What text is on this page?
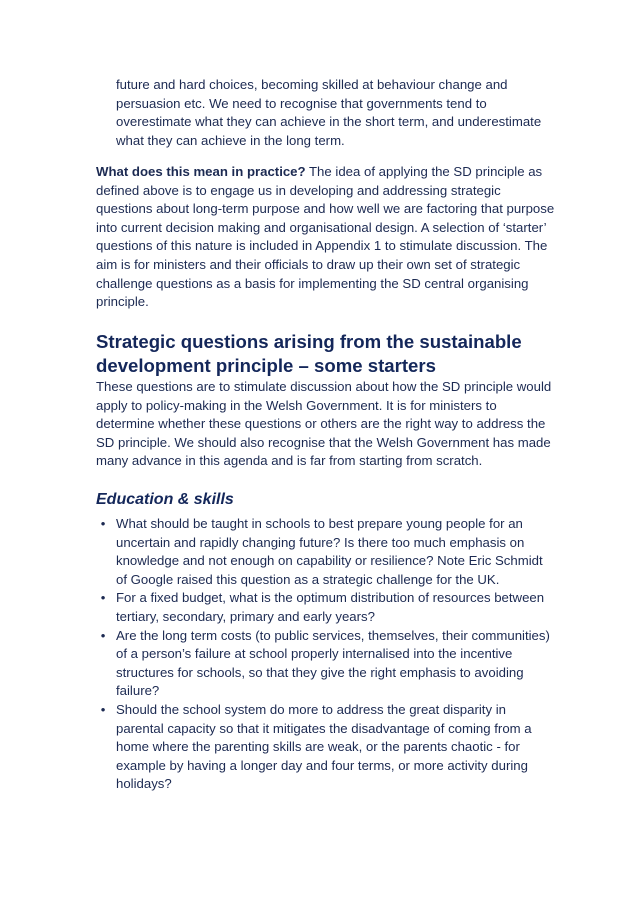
future and hard choices, becoming skilled at behaviour change and persuasion etc. We need to recognise that governments tend to overestimate what they can achieve in the short term, and underestimate what they can achieve in the long term.

What does this mean in practice? The idea of applying the SD principle as defined above is to engage us in developing and addressing strategic questions about long-term purpose and how well we are factoring that purpose into current decision making and organisational design. A selection of ‘starter’ questions of this nature is included in Appendix 1 to stimulate discussion. The aim is for ministers and their officials to draw up their own set of strategic challenge questions as a basis for implementing the SD central organising principle.

Strategic questions arising from the sustainable development principle – some starters

These questions are to stimulate discussion about how the SD principle would apply to policy-making in the Welsh Government. It is for ministers to determine whether these questions or others are the right way to address the SD principle. We should also recognise that the Welsh Government has made many advance in this agenda and is far from starting from scratch.

Education & skills
• What should be taught in schools to best prepare young people for an uncertain and rapidly changing future? Is there too much emphasis on knowledge and not enough on capability or resilience? Note Eric Schmidt of Google raised this question as a strategic challenge for the UK.
• For a fixed budget, what is the optimum distribution of resources between tertiary, secondary, primary and early years?
• Are the long term costs (to public services, themselves, their communities) of a person’s failure at school properly internalised into the incentive structures for schools, so that they give the right emphasis to avoiding failure?
• Should the school system do more to address the great disparity in parental capacity so that it mitigates the disadvantage of coming from a home where the parenting skills are weak, or the parents chaotic - for example by having a longer day and four terms, or more activity during holidays?
